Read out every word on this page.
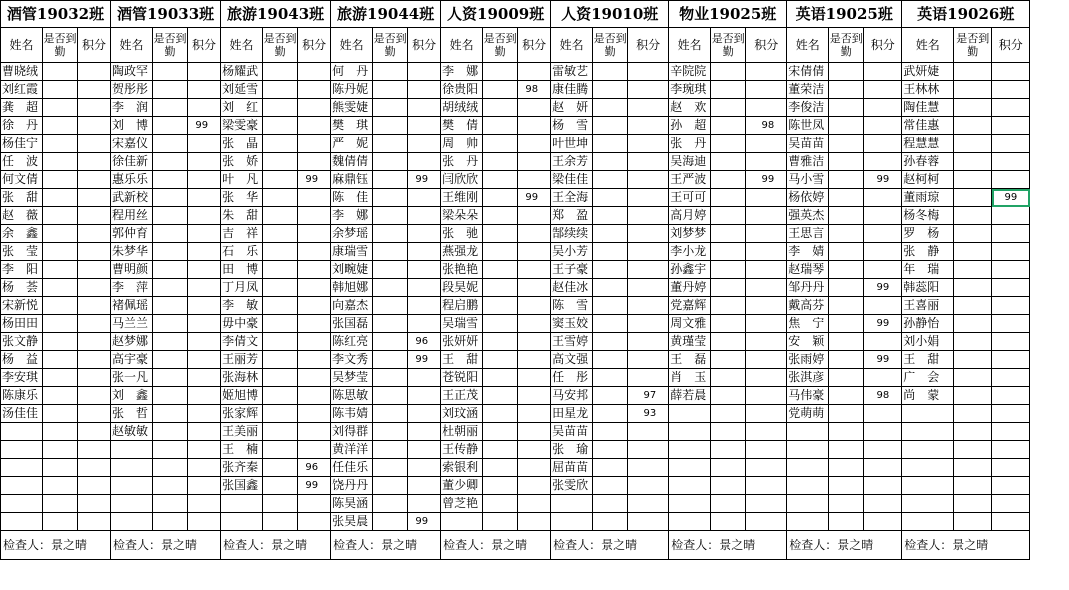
酒管19032班			酒管19033班			旅游19043班			旅游19044班			人资19009班			人资19010班			物业19025班			英语19025班			英语19026班		
姓名	是否到勤	积分	姓名	是否到勤	积分	姓名	是否到勤	积分	姓名	是否到勤	积分	姓名	是否到勤	积分	姓名	是否到勤	积分	姓名	是否到勤	积分	姓名	是否到勤	积分	姓名	是否到勤	积分
曹晓绒			陶政罕			杨耀武			何　丹			李　娜			雷敏艺			辛院院			宋倩倩			武妍婕		
刘红霞			贺彤彤			刘延雪			陈丹妮			徐贵阳		98	康佳腾			李琬琪			董荣洁			王林林		
龚　超			李　润			刘　红			熊雯婕			胡绒绒			赵　妍			赵　欢			李俊洁			陶佳慧		
徐　丹			刘　博		99	梁雯豪			樊　琪			樊　倩			杨　雪			孙　超		98	陈世凤			常佳惠		
杨佳宁			宋嘉仪			张　晶			严　妮			周　帅			叶世坤			张　丹			吴苗苗			程慧慧		
任　波			徐佳新			张　娇			魏倩倩			张　丹			王余芳			吴海迪			曹雅洁			孙春蓉		
何文倩			惠乐乐			叶　凡		99	麻鼎钰		99	闫欣欣			梁佳佳			王严波		99	马小雪		99	赵柯柯		
张　甜			武新校			张　华			陈　佳			王维刚		99	王全海			王可可			杨依婷			董雨琼		99
赵　薇			程用丝			朱　甜			李　娜			梁朵朵			郑　盈			高月婷			强英杰			杨冬梅		
余　鑫			郭仲育			吉　祥			余梦瑶			张　驰			郜续续			刘梦梦			王思言			罗　杨		
张　莹			朱梦华			石　乐			康瑞雪			燕强龙			吴小芳			李小龙			李　婧			张　静		
李　阳			曹明颜			田　博			刘畹婕			张艳艳			王子豪			孙鑫宇			赵瑞琴			年　瑞		
杨　荟			李　萍			丁月凤			韩旭娜			段昊妮			赵佳冰			董丹婷			邹丹丹		99	韩蕊阳		
宋新悦			褚佩瑶			李　敏			向嘉杰			程启鹏			陈　雪			党嘉辉			戴高芬			王喜丽		
杨田田			马兰兰			毋中豪			张国磊			吴瑞雪			窦玉姣			周文雅			焦　宁		99	孙静怡		
张文静			赵梦娜			李倩文			陈红亮		96	张妍妍			王雪婷			黄瑾莹			安　颖			刘小娟		
杨　益			高宇豪			王丽芳			李文秀		99	王　甜			高文强			王　磊			张雨婷		99	王　甜		
李安琪			张一凡			张海林			吴梦莹			苍锐阳			任　彤			肖　玉			张淇彦			广　会		
陈康乐			刘　鑫			姬旭博			陈思敏			王正茂			马安邦		97	薛若晨			马伟豪		98	尚　蒙		
汤佳佳			张　哲			张家辉			陈韦婧			刘玟涵			田星龙		93				党萌萌					
			赵敏敏			王美丽			刘得群			杜朝丽			吴苗苗											
						王　楠			黄洋洋			王传静			张　瑜											
						张齐秦		96	任佳乐			索银利			屈苗苗											
						张国鑫		99	饶丹丹			董少卿			张雯欣											
									陈昊涵			曾芝艳														
									张昊晨		99															
检查人：景之晴			检查人：景之晴			检查人：景之晴			检查人：景之晴			检查人：景之晴			检查人：景之晴			检查人：景之晴			检查人：景之晴			检查人：景之晴		
